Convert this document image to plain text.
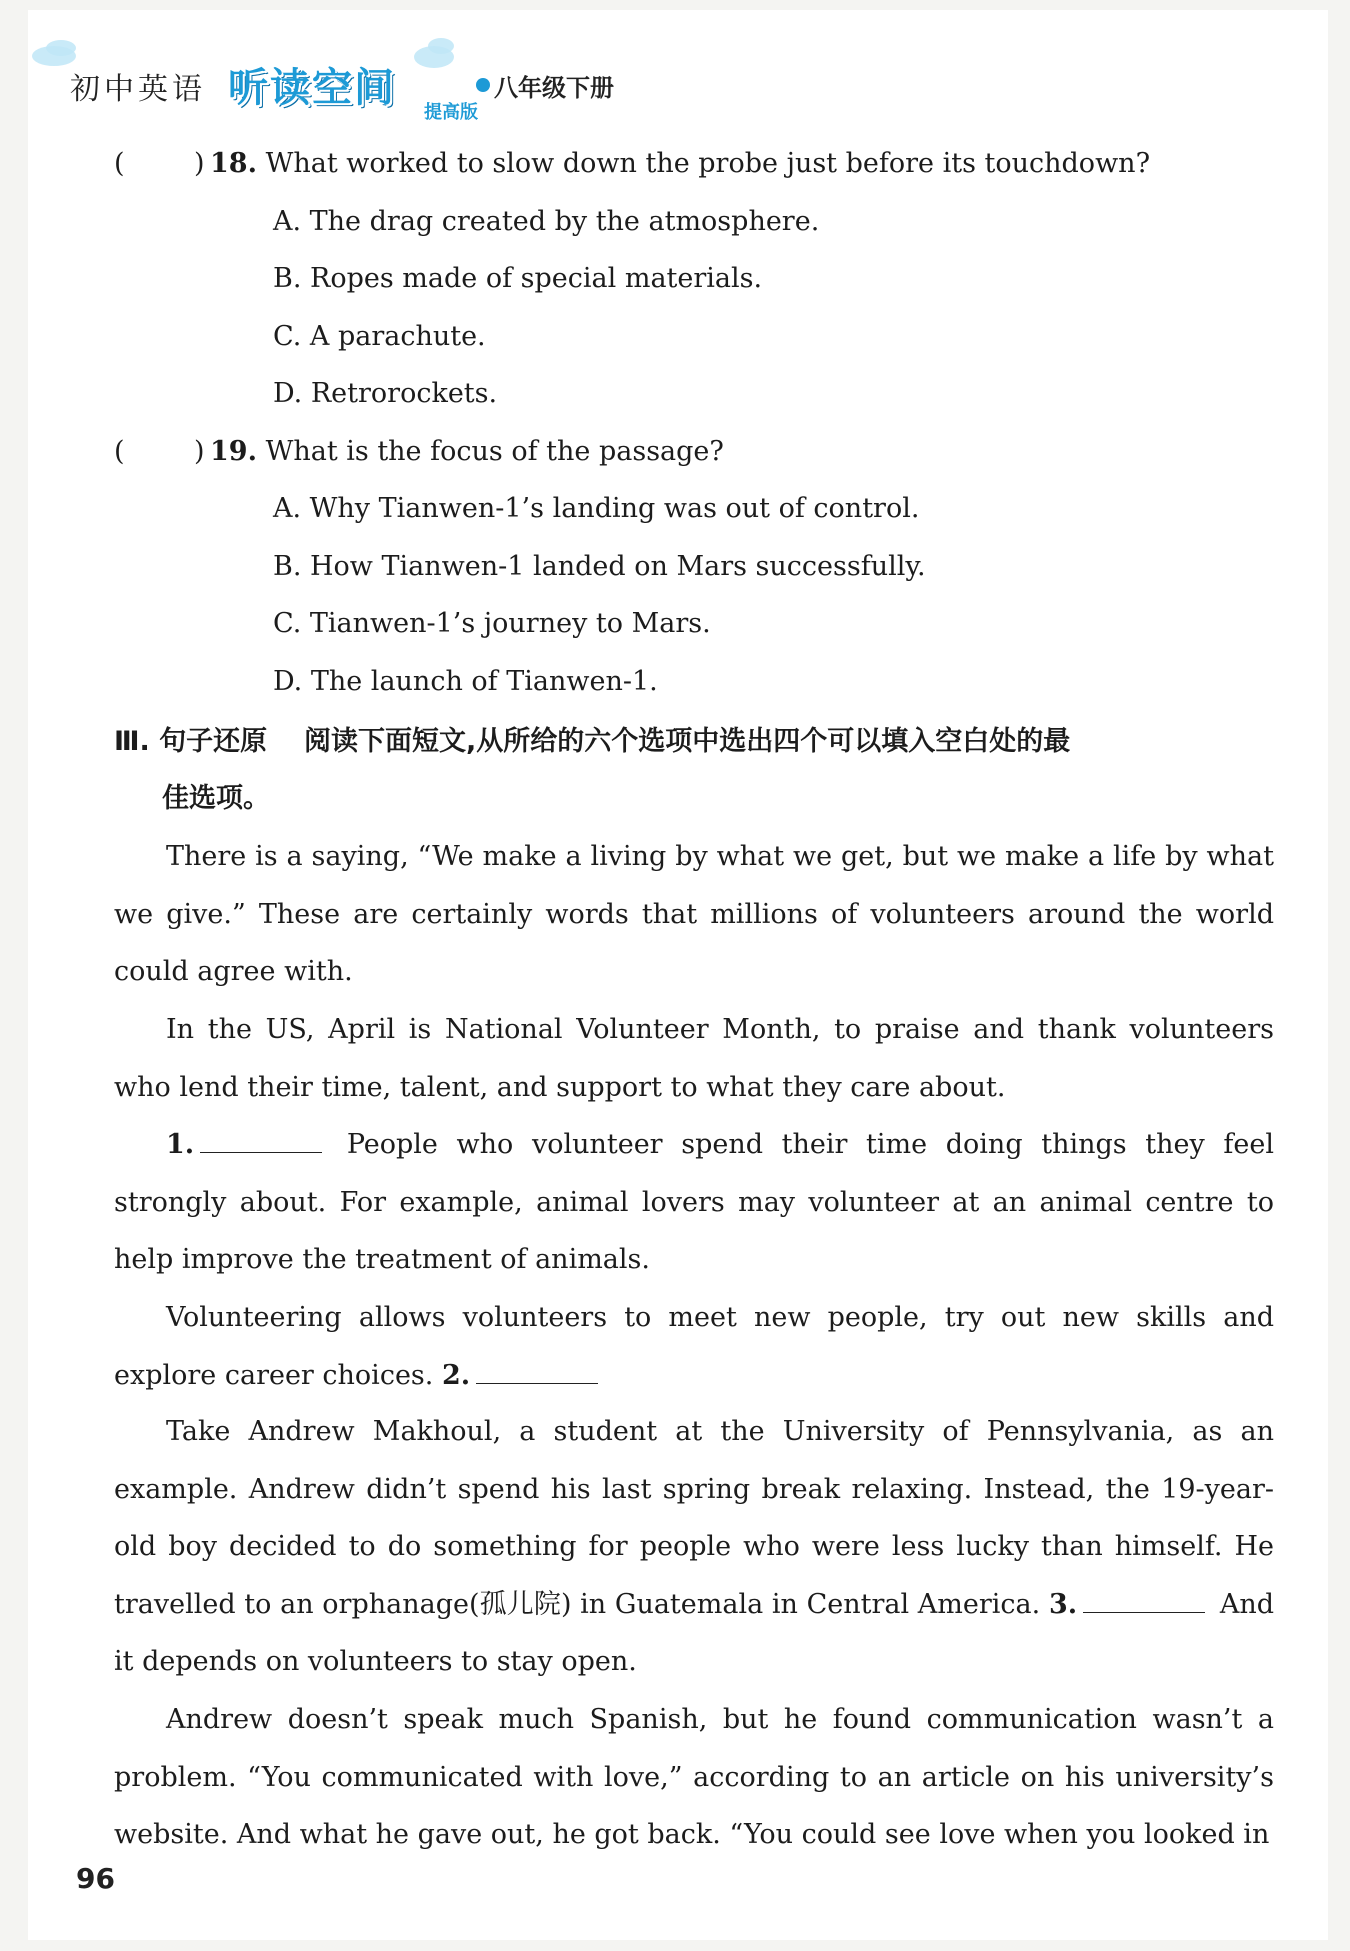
初中英语 听读空间
提高版
八年级下册
(	) 18. What worked to slow down the probe just before its touchdown?
A. The drag created by the atmosphere.
B. Ropes made of special materials.
C. A parachute.
D. Retrorockets.
(	) 19. What is the focus of the passage?
A. Why Tianwen-1’s landing was out of control.
B. How Tianwen-1 landed on Mars successfully.
C. Tianwen-1’s journey to Mars.
D. The launch of Tianwen-1.
Ⅲ. 句子还原 阅读下面短文,从所给的六个选项中选出四个可以填入空白处的最
佳选项。
There is a saying, “We make a living by what we get, but we make a life by what we give.” These are certainly words that millions of volunteers around the world could agree with.
In the US, April is National Volunteer Month, to praise and thank volunteers who lend their time, talent, and support to what they care about.
1.	People who volunteer spend their time doing things they feel strongly about. For example, animal lovers may volunteer at an animal centre to help improve the treatment of animals.
Volunteering allows volunteers to meet new people, try out new skills and explore career choices. 2.
Take Andrew Makhoul, a student at the University of Pennsylvania, as an example. Andrew didn’t spend his last spring break relaxing. Instead, the 19-year-old boy decided to do something for people who were less lucky than himself. He travelled to an orphanage(孤儿院) in Guatemala in Central America. 3.	And it depends on volunteers to stay open.
Andrew doesn’t speak much Spanish, but he found communication wasn’t a problem. “You communicated with love,” according to an article on his university’s website. And what he gave out, he got back. “You could see love when you looked in
96
